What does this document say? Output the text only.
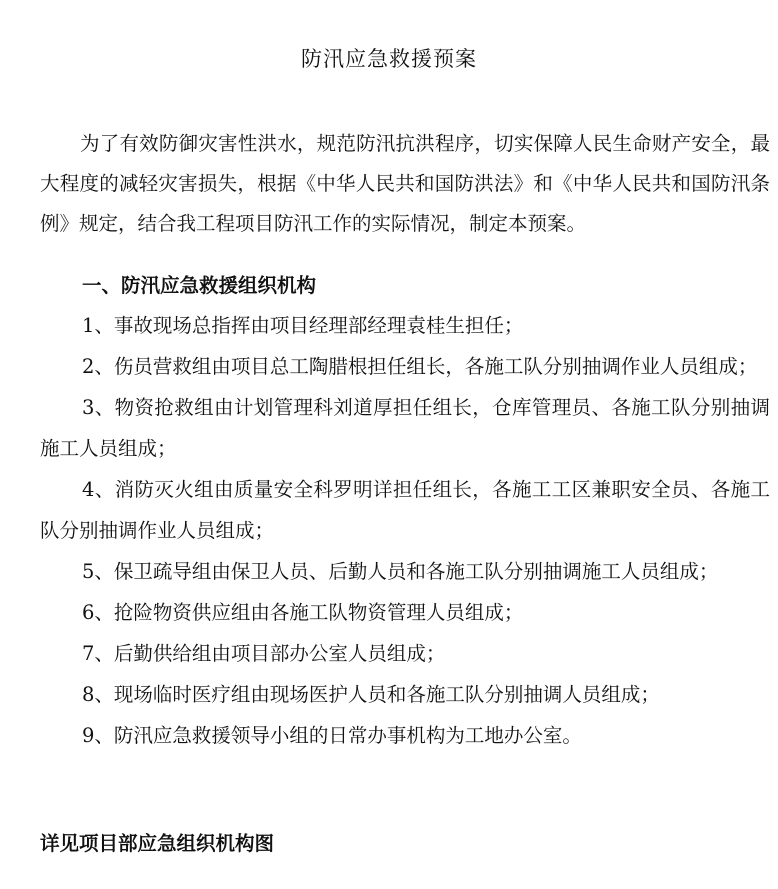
防汛应急救援预案

为了有效防御灾害性洪水，规范防汛抗洪程序，切实保障人民生命财产安全，最大程度的减轻灾害损失，根据《中华人民共和国防洪法》和《中华人民共和国防汛条例》规定，结合我工程项目防汛工作的实际情况，制定本预案。

一、防汛应急救援组织机构

1、事故现场总指挥由项目经理部经理袁桂生担任；
2、伤员营救组由项目总工陶腊根担任组长，各施工队分别抽调作业人员组成；
3、物资抢救组由计划管理科刘道厚担任组长，仓库管理员、各施工队分别抽调施工人员组成；
4、消防灭火组由质量安全科罗明详担任组长，各施工工区兼职安全员、各施工队分别抽调作业人员组成；
5、保卫疏导组由保卫人员、后勤人员和各施工队分别抽调施工人员组成；
6、抢险物资供应组由各施工队物资管理人员组成；
7、后勤供给组由项目部办公室人员组成；
8、现场临时医疗组由现场医护人员和各施工队分别抽调人员组成；
9、防汛应急救援领导小组的日常办事机构为工地办公室。

详见项目部应急组织机构图
